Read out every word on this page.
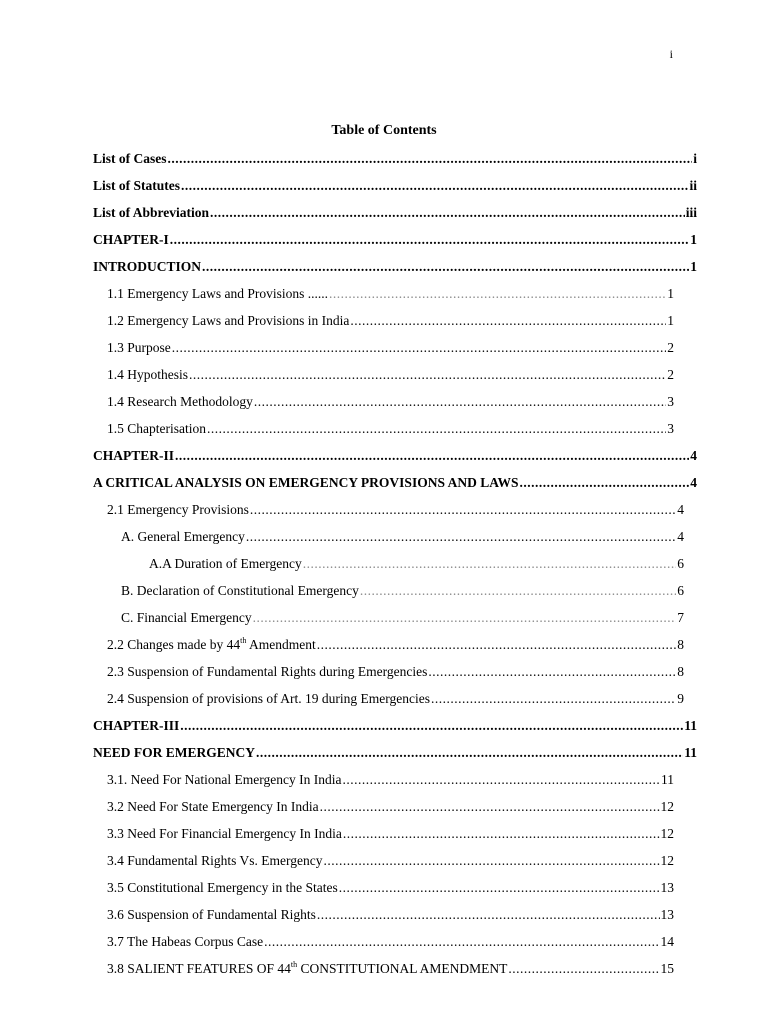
i
Table of Contents
List of Cases .....	i
List of Statutes .....	ii
List of Abbreviation .....	iii
CHAPTER-I .....	1
INTRODUCTION .....	1
1.1 Emergency Laws and Provisions ...... .....	1
1.2 Emergency Laws and Provisions in India .....	1
1.3 Purpose .....	2
1.4 Hypothesis .....	2
1.4 Research Methodology .....	3
1.5 Chapterisation .....	3
CHAPTER-II .....	4
A CRITICAL ANALYSIS ON EMERGENCY PROVISIONS AND LAWS .....	4
2.1 Emergency Provisions .....	4
A. General Emergency .....	4
A.A Duration of Emergency .....	6
B. Declaration of Constitutional Emergency .....	6
C. Financial Emergency .....	7
2.2 Changes made by 44th Amendment .....	8
2.3 Suspension of Fundamental Rights during Emergencies .....	8
2.4 Suspension of provisions of Art. 19 during Emergencies .....	9
CHAPTER-III .....	11
NEED FOR EMERGENCY .....	11
3.1. Need For National Emergency In India .....	11
3.2 Need For State Emergency In India .....	12
3.3 Need For Financial Emergency In India .....	12
3.4 Fundamental Rights Vs. Emergency .....	12
3.5 Constitutional Emergency in the States .....	13
3.6 Suspension of Fundamental Rights .....	13
3.7 The Habeas Corpus Case .....	14
3.8 SALIENT FEATURES OF 44th CONSTITUTIONAL AMENDMENT .....	15
